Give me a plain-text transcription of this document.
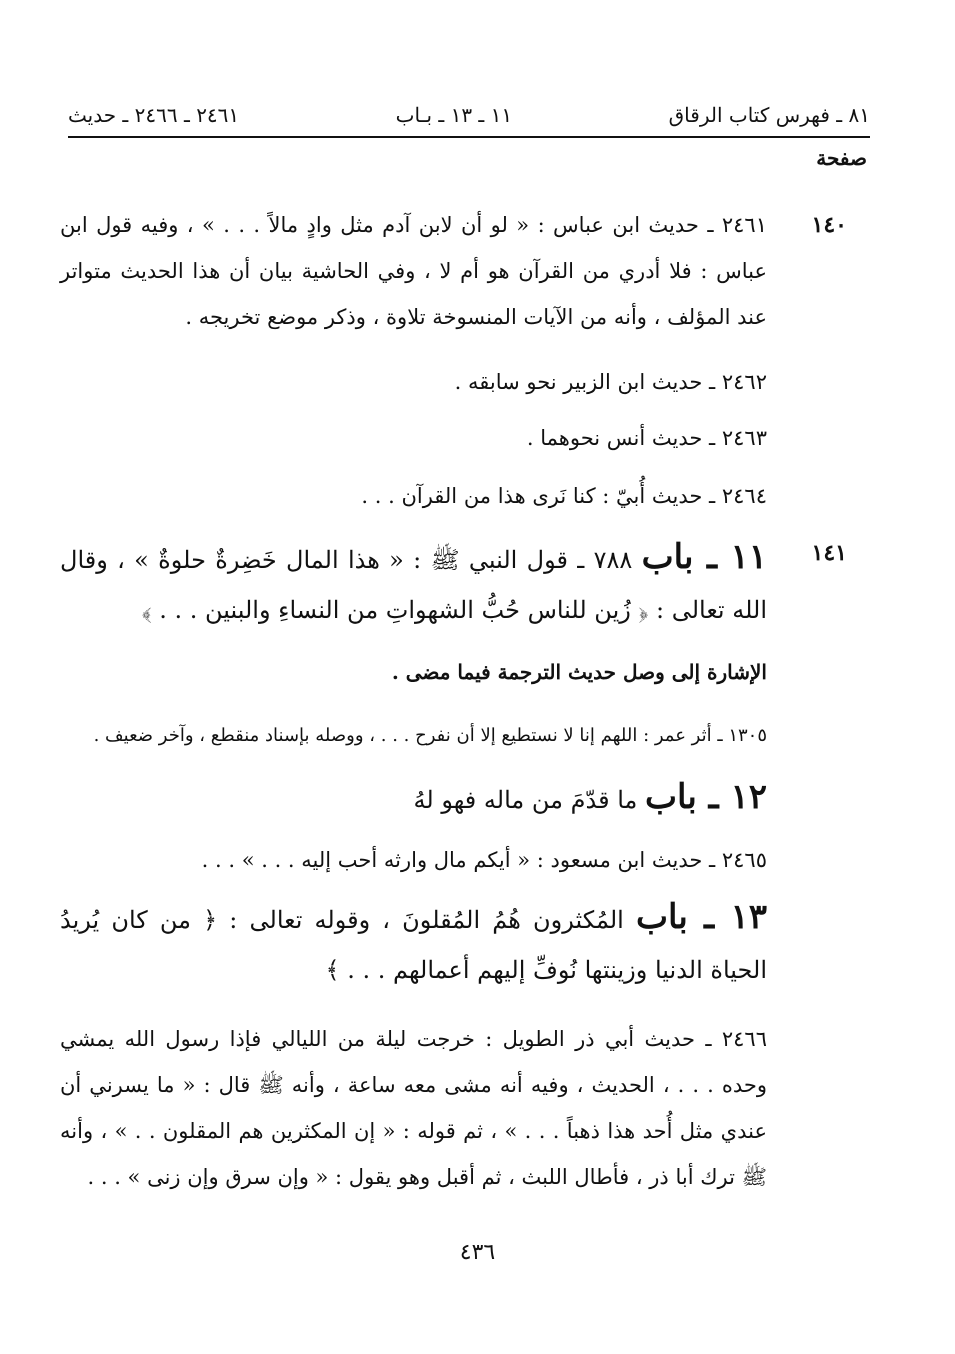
٨١ ـ فهرس كتاب الرقاق
١١ ـ ١٣ ـ بـاب
٢٤٦١ ـ ٢٤٦٦ ـ حديث
صفحة
١٤٠
٢٤٦١ ـ حديث ابن عباس : « لو أن لابن آدم مثل وادٍ مالاً . . . » ، وفيه قول ابن عباس : فلا أدري من القرآن هو أم لا ، وفي الحاشية بيان أن هذا الحديث متواتر عند المؤلف ، وأنه من الآيات المنسوخة تلاوة ، وذكر موضع تخريجه .
٢٤٦٢ ـ حديث ابن الزبير نحو سابقه .
٢٤٦٣ ـ حديث أنس نحوهما .
٢٤٦٤ ـ حديث أُبيّ : كنا نَرى هذا من القرآن . . .
١٤١
١١ ـ باب ٧٨٨ ـ قول النبي ﷺ : « هذا المال خَضِرةٌ حلوةٌ » ، وقال الله تعالى : ﴿ زُين للناس حُبُّ الشهواتِ من النساءِ والبنين . . . ﴾
الإشارة إلى وصل حديث الترجمة فيما مضى .
١٣٠٥ ـ أثر عمر : اللهم إنا لا نستطيع إلا أن نفرح . . . ، ووصله بإسناد منقطع ، وآخر ضعيف .
١٢ ـ باب ما قدّمَ من ماله فهو لهُ
٢٤٦٥ ـ حديث ابن مسعود : « أيكم مال وارثه أحب إليه . . . » . . .
١٣ ـ باب المُكثرون هُمُ المُقلونَ ، وقوله تعالى : ﴿ من كان يُريدُ الحياة الدنيا وزينتها نُوفِّ إليهم أعمالهم . . . ﴾
٢٤٦٦ ـ حديث أبي ذر الطويل : خرجت ليلة من الليالي فإذا رسول الله يمشي وحده . . . ، الحديث ، وفيه أنه مشى معه ساعة ، وأنه ﷺ قال : « ما يسرني أن عندي مثل أُحد هذا ذهباً . . . » ، ثم قوله : « إن المكثرين هم المقلون . . » ، وأنه ﷺ ترك أبا ذر ، فأطال اللبث ، ثم أقبل وهو يقول : « وإن سرق وإن زنى » . . .
٤٣٦
